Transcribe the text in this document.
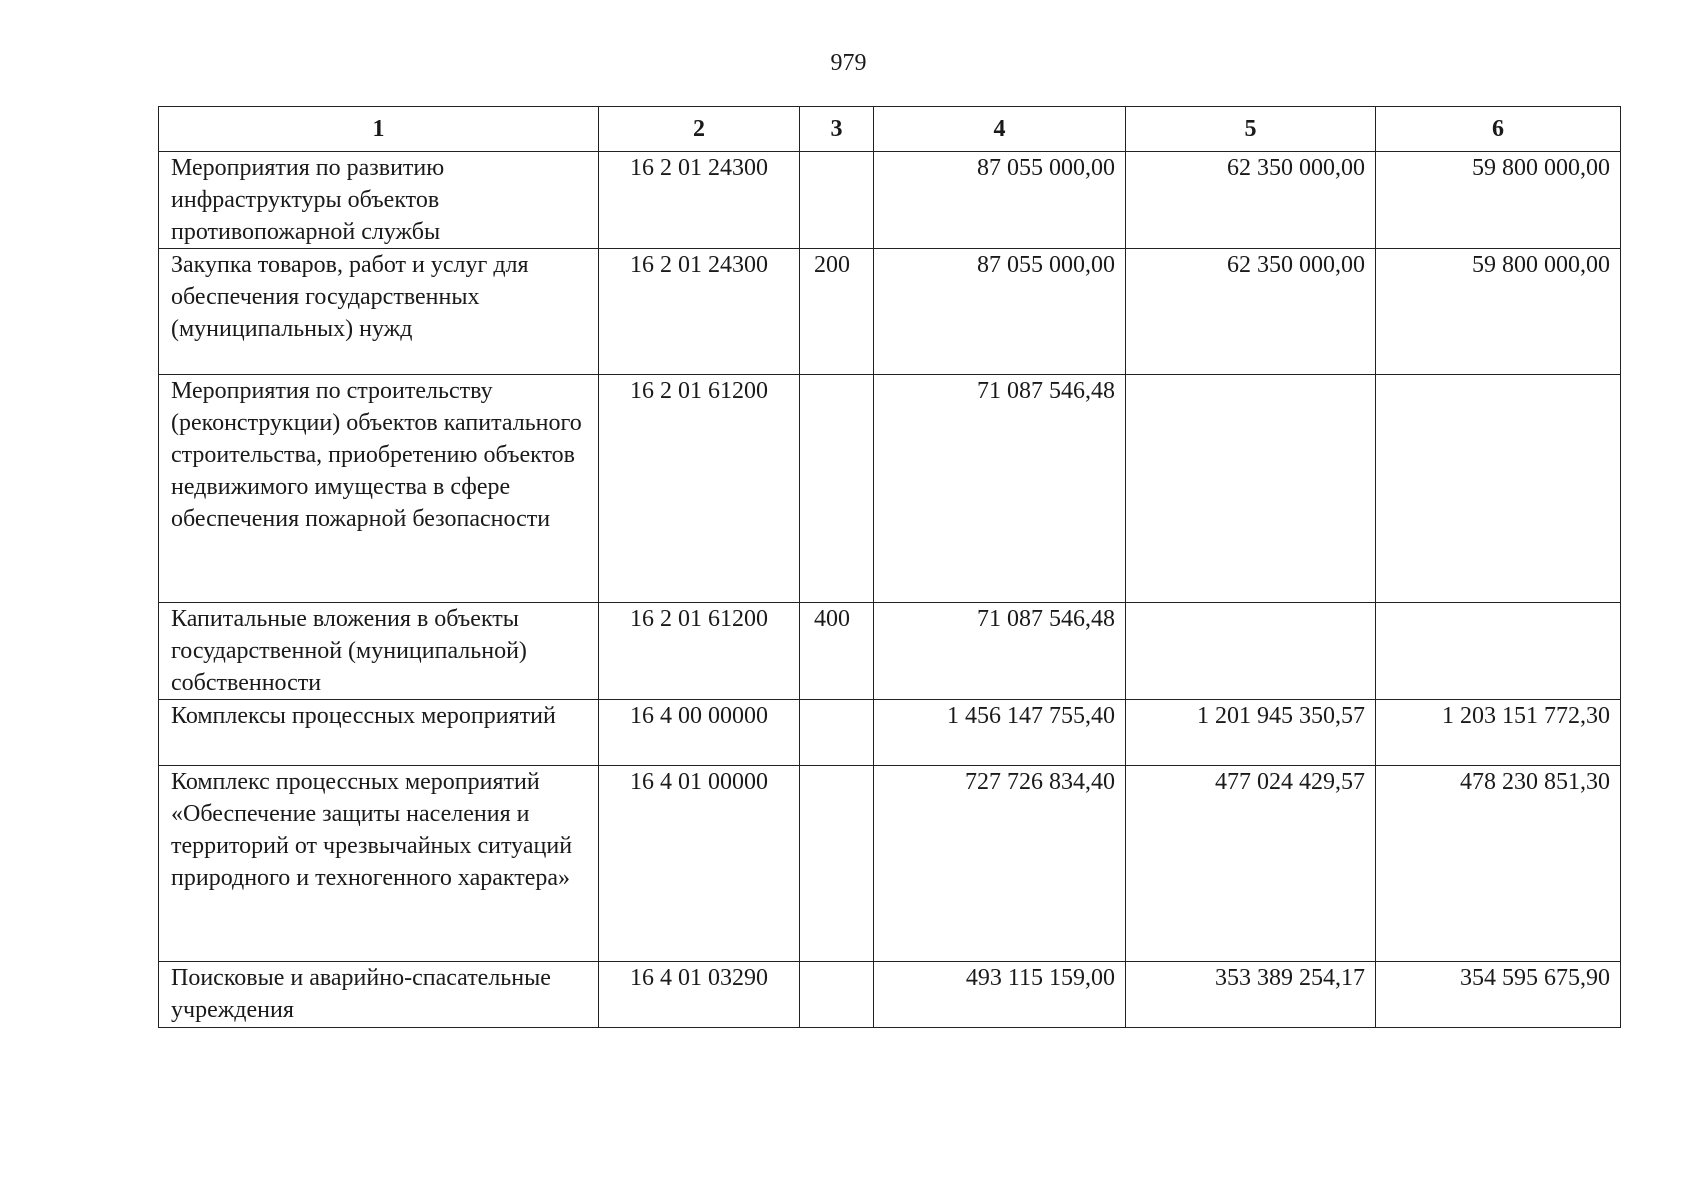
979
1	2	3	4	5	6
Мероприятия по развитию инфраструктуры объектов противопожарной службы	16 2 01 24300		87 055 000,00	62 350 000,00	59 800 000,00
Закупка товаров, работ и услуг для обеспечения государственных (муниципальных) нужд	16 2 01 24300	200	87 055 000,00	62 350 000,00	59 800 000,00
Мероприятия по строительству (реконструкции) объектов капитального строительства, приобретению объектов недвижимого имущества в сфере обеспечения пожарной безопасности	16 2 01 61200		71 087 546,48		
Капитальные вложения в объекты государственной (муниципальной) собственности	16 2 01 61200	400	71 087 546,48		
Комплексы процессных мероприятий	16 4 00 00000		1 456 147 755,40	1 201 945 350,57	1 203 151 772,30
Комплекс процессных мероприятий «Обеспечение защиты населения и территорий от чрезвычайных ситуаций природного и техногенного характера»	16 4 01 00000		727 726 834,40	477 024 429,57	478 230 851,30
Поисковые и аварийно-спасательные учреждения	16 4 01 03290		493 115 159,00	353 389 254,17	354 595 675,90
